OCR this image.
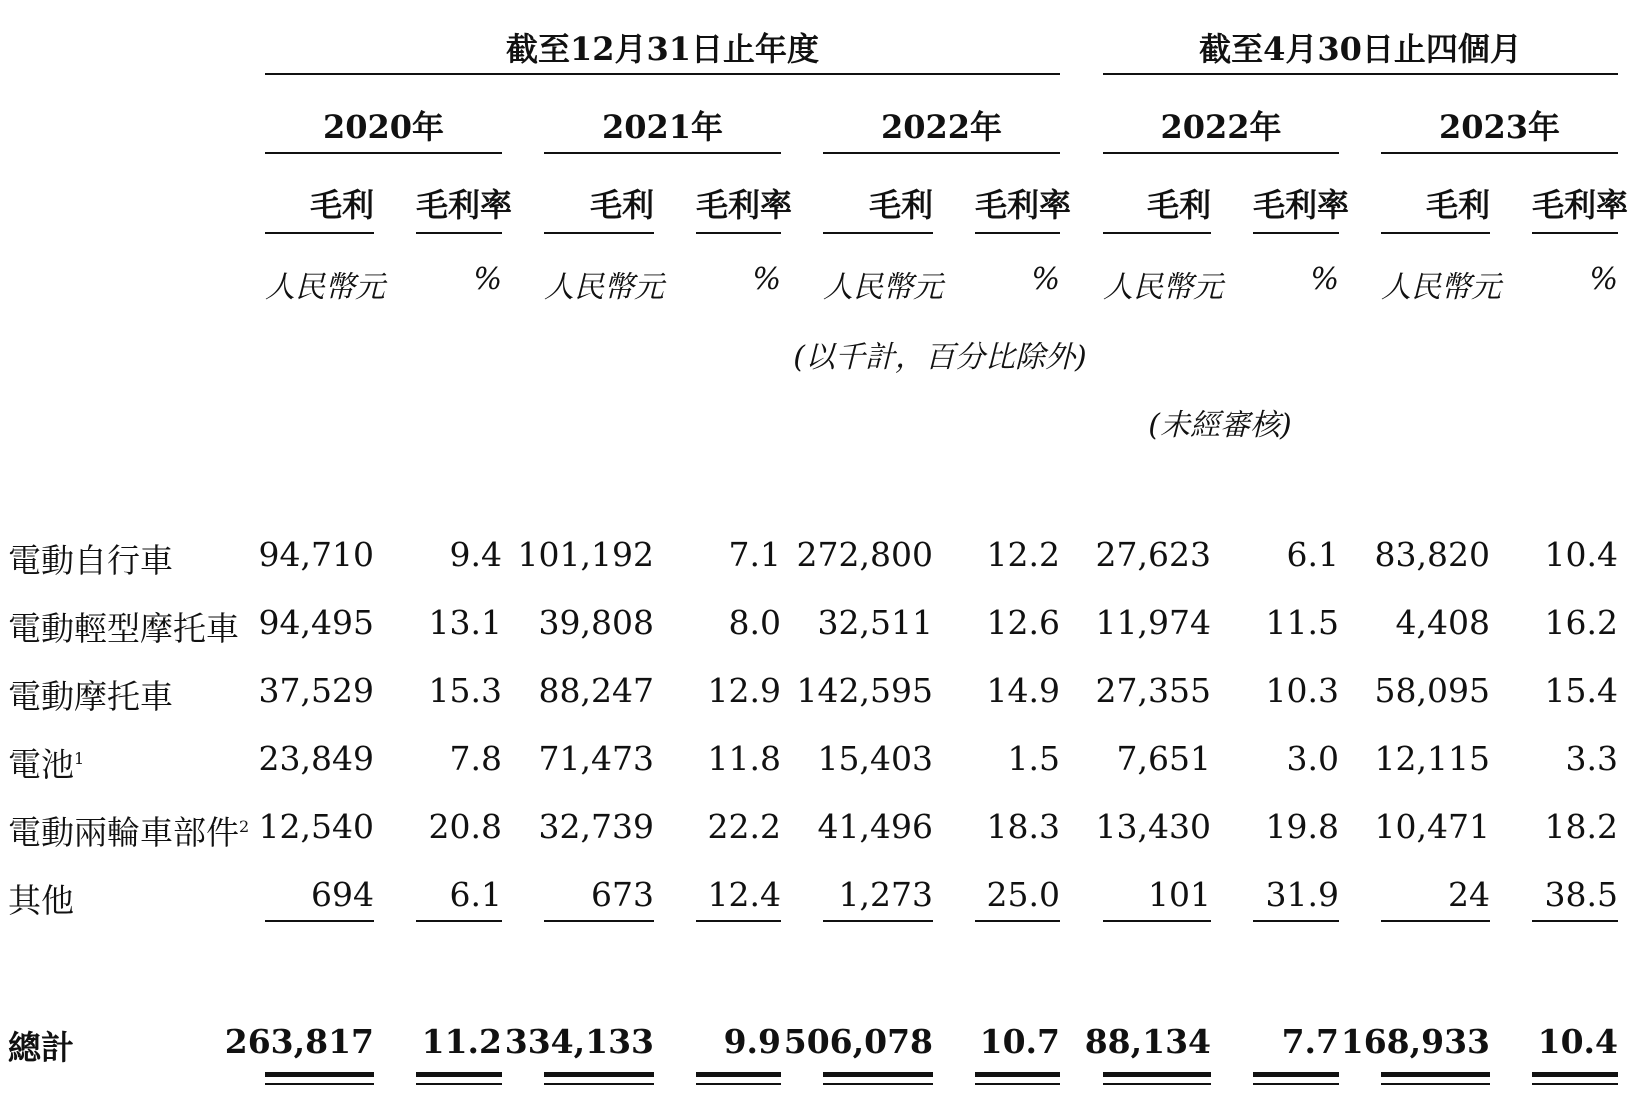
截至12月31日止年度	截至4月30日止四個月
2020年	2021年	2022年	2022年	2023年
毛利 毛利率
人民幣元	%
毛利 毛利率
人民幣元	%
毛利 毛利率
人民幣元	%
毛利 毛利率
人民幣元	%
毛利 毛利率
人民幣元	%
(以千計，百分比除外)
(未經審核)
電動自行車	94,710	9.4 101,192	7.1 272,800	12.2	27,623	6.1	83,820	10.4
電動輕型摩托車 94,495	13.1	39,808	8.0	32,511	12.6	11,974	11.5	4,408	16.2
電動摩托車	37,529	15.3	88,247	12.9 142,595	14.9	27,355	10.3	58,095	15.4
電池$^1$	23,849	7.8	71,473	11.8	15,403	1.5	7,651	3.0	12,115	3.3
電動兩輪車部件$^2$ 12,540	20.8	32,739	22.2	41,496	18.3	13,430	19.8	10,471	18.2
其他	694	6.1	673	12.4	1,273	25.0	101	31.9	24	38.5
總計	263,817	11.2 334,133	9.9 506,078	10.7 88,134	7.7 168,933	10.4
